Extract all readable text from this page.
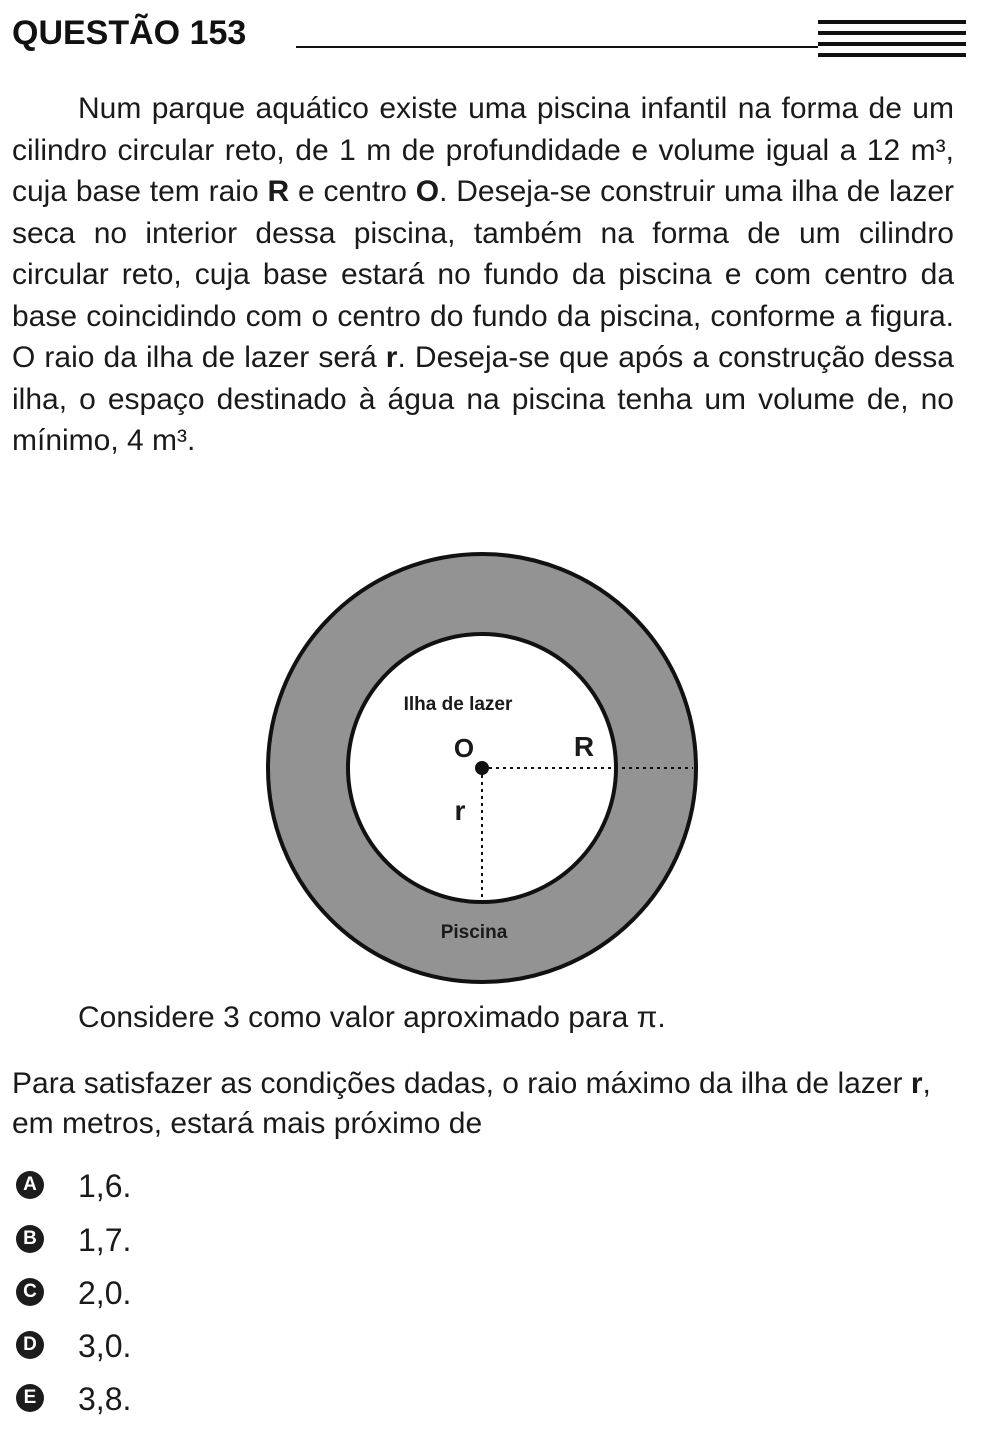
QUESTÃO 153

Num parque aquático existe uma piscina infantil na forma de um cilindro circular reto, de 1 m de profundidade e volume igual a 12 m³, cuja base tem raio R e centro O. Deseja-se construir uma ilha de lazer seca no interior dessa piscina, também na forma de um cilindro circular reto, cuja base estará no fundo da piscina e com centro da base coincidindo com o centro do fundo da piscina, conforme a figura. O raio da ilha de lazer será r. Deseja-se que após a construção dessa ilha, o espaço destinado à água na piscina tenha um volume de, no mínimo, 4 m³.

Ilha de lazer
O	R
r
Piscina
Considere 3 como valor aproximado para π.
Para satisfazer as condições dadas, o raio máximo da ilha de lazer r, em metros, estará mais próximo de
A 1,6.
B 1,7.
C 2,0.
D 3,0.
E 3,8.
